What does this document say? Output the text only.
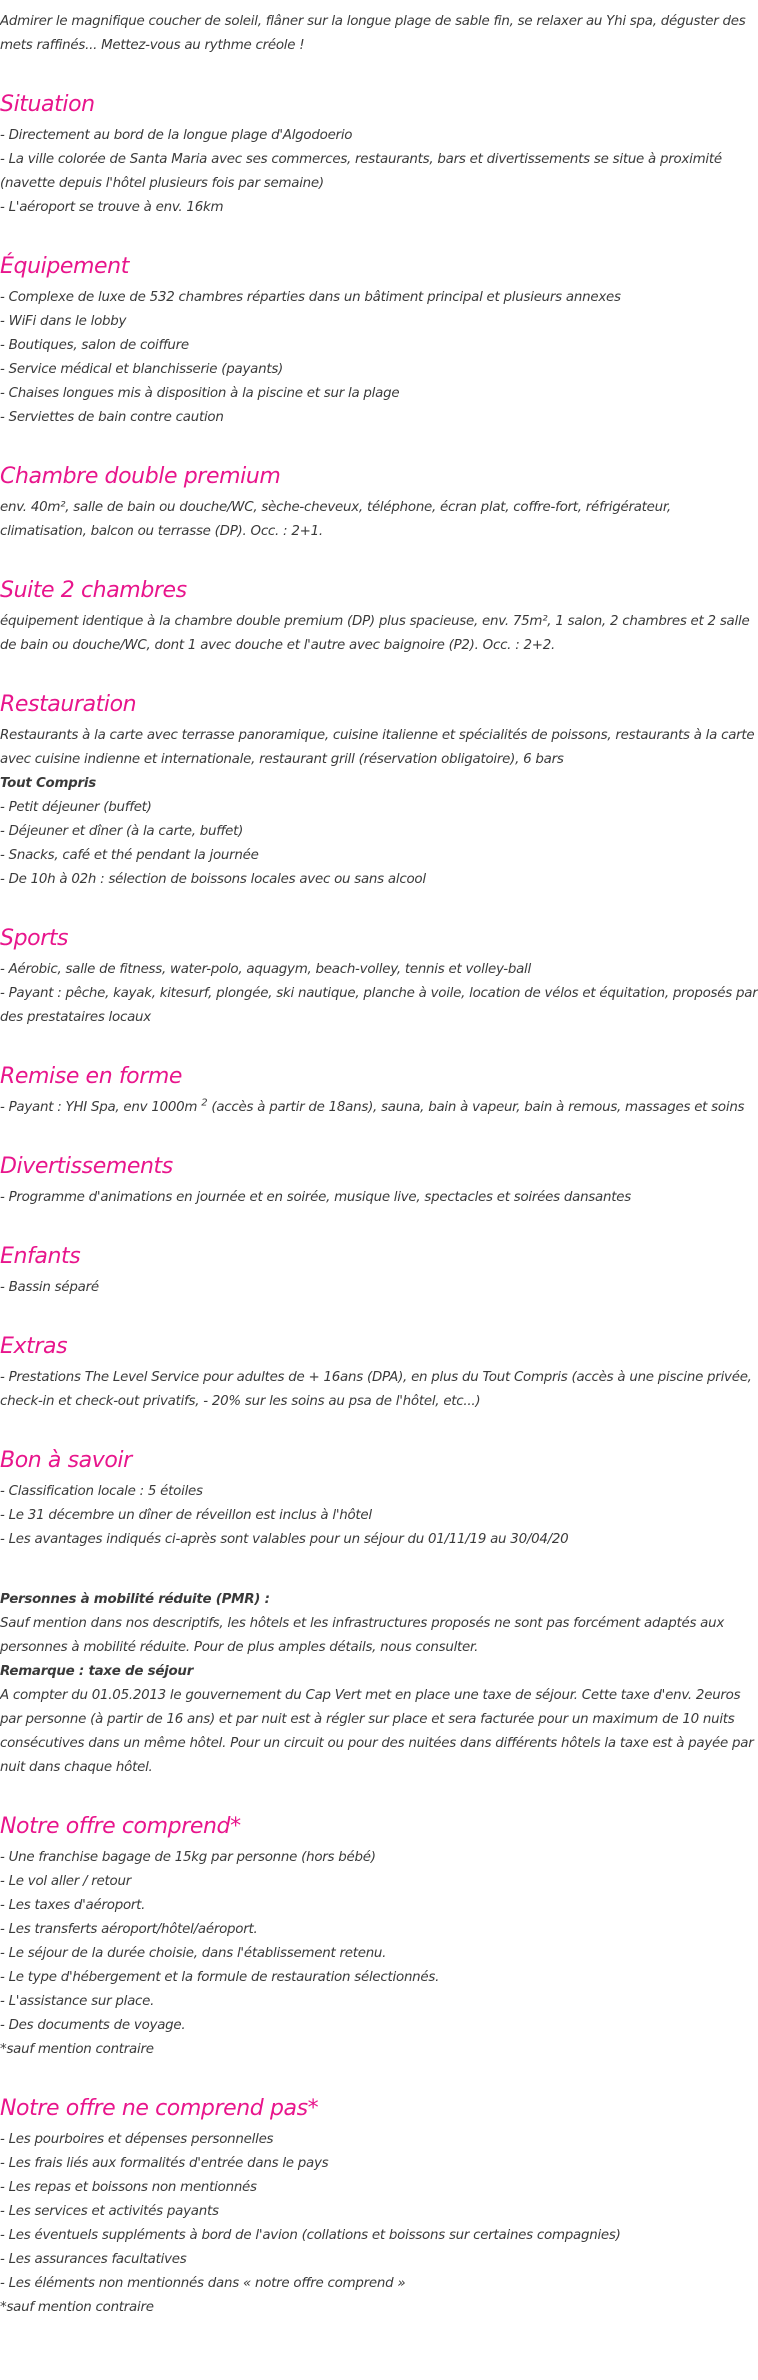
Admirer le magnifique coucher de soleil, flâner sur la longue plage de sable fin, se relaxer au Yhi spa, déguster des mets raffinés... Mettez-vous au rythme créole !

Situation
- Directement au bord de la longue plage d'Algodoerio
- La ville colorée de Santa Maria avec ses commerces, restaurants, bars et divertissements se situe à proximité (navette depuis l'hôtel plusieurs fois par semaine)
- L'aéroport se trouve à env. 16km
Équipement
- Complexe de luxe de 532 chambres réparties dans un bâtiment principal et plusieurs annexes
- WiFi dans le lobby
- Boutiques, salon de coiffure
- Service médical et blanchisserie (payants)
- Chaises longues mis à disposition à la piscine et sur la plage
- Serviettes de bain contre caution
Chambre double premium

env. 40m², salle de bain ou douche/WC, sèche-cheveux, téléphone, écran plat, coffre-fort, réfrigérateur, climatisation, balcon ou terrasse (DP). Occ. : 2+1.

Suite 2 chambres

équipement identique à la chambre double premium (DP) plus spacieuse, env. 75m², 1 salon, 2 chambres et 2 salle de bain ou douche/WC, dont 1 avec douche et l'autre avec baignoire (P2). Occ. : 2+2.

Restauration

Restaurants à la carte avec terrasse panoramique, cuisine italienne et spécialités de poissons, restaurants à la carte avec cuisine indienne et internationale, restaurant grill (réservation obligatoire), 6 bars

Tout Compris
- Petit déjeuner (buffet)
- Déjeuner et dîner (à la carte, buffet)
- Snacks, café et thé pendant la journée
- De 10h à 02h : sélection de boissons locales avec ou sans alcool
Sports
- Aérobic, salle de fitness, water-polo, aquagym, beach-volley, tennis et volley-ball
- Payant : pêche, kayak, kitesurf, plongée, ski nautique, planche à voile, location de vélos et équitation, proposés par des prestataires locaux
Remise en forme
- Payant : YHI Spa, env 1000m $^2$ (accès à partir de 18ans), sauna, bain à vapeur, bain à remous, massages et soins
Divertissements
- Programme d'animations en journée et en soirée, musique live, spectacles et soirées dansantes
Enfants
- Bassin séparé
Extras

- Prestations The Level Service pour adultes de + 16ans (DPA), en plus du Tout Compris (accès à une piscine privée, check-in et check-out privatifs, - 20% sur les soins au psa de l'hôtel, etc...)

Bon à savoir
- Classification locale : 5 étoiles
- Le 31 décembre un dîner de réveillon est inclus à l'hôtel
- Les avantages indiqués ci-après sont valables pour un séjour du 01/11/19 au 30/04/20
Personnes à mobilité réduite (PMR) :

Sauf mention dans nos descriptifs, les hôtels et les infrastructures proposés ne sont pas forcément adaptés aux personnes à mobilité réduite. Pour de plus amples détails, nous consulter.

Remarque : taxe de séjour

A compter du 01.05.2013 le gouvernement du Cap Vert met en place une taxe de séjour. Cette taxe d'env. 2euros par personne (à partir de 16 ans) et par nuit est à régler sur place et sera facturée pour un maximum de 10 nuits consécutives dans un même hôtel. Pour un circuit ou pour des nuitées dans différents hôtels la taxe est à payée par nuit dans chaque hôtel.

Notre offre comprend*
- Une franchise bagage de 15kg par personne (hors bébé)
- Le vol aller / retour
- Les taxes d'aéroport.
- Les transferts aéroport/hôtel/aéroport.
- Le séjour de la durée choisie, dans l'établissement retenu.
- Le type d'hébergement et la formule de restauration sélectionnés.
- L'assistance sur place.
- Des documents de voyage.
*sauf mention contraire
Notre offre ne comprend pas*
- Les pourboires et dépenses personnelles
- Les frais liés aux formalités d'entrée dans le pays
- Les repas et boissons non mentionnés
- Les services et activités payants
- Les éventuels suppléments à bord de l'avion (collations et boissons sur certaines compagnies)
- Les assurances facultatives
- Les éléments non mentionnés dans « notre offre comprend »
*sauf mention contraire
